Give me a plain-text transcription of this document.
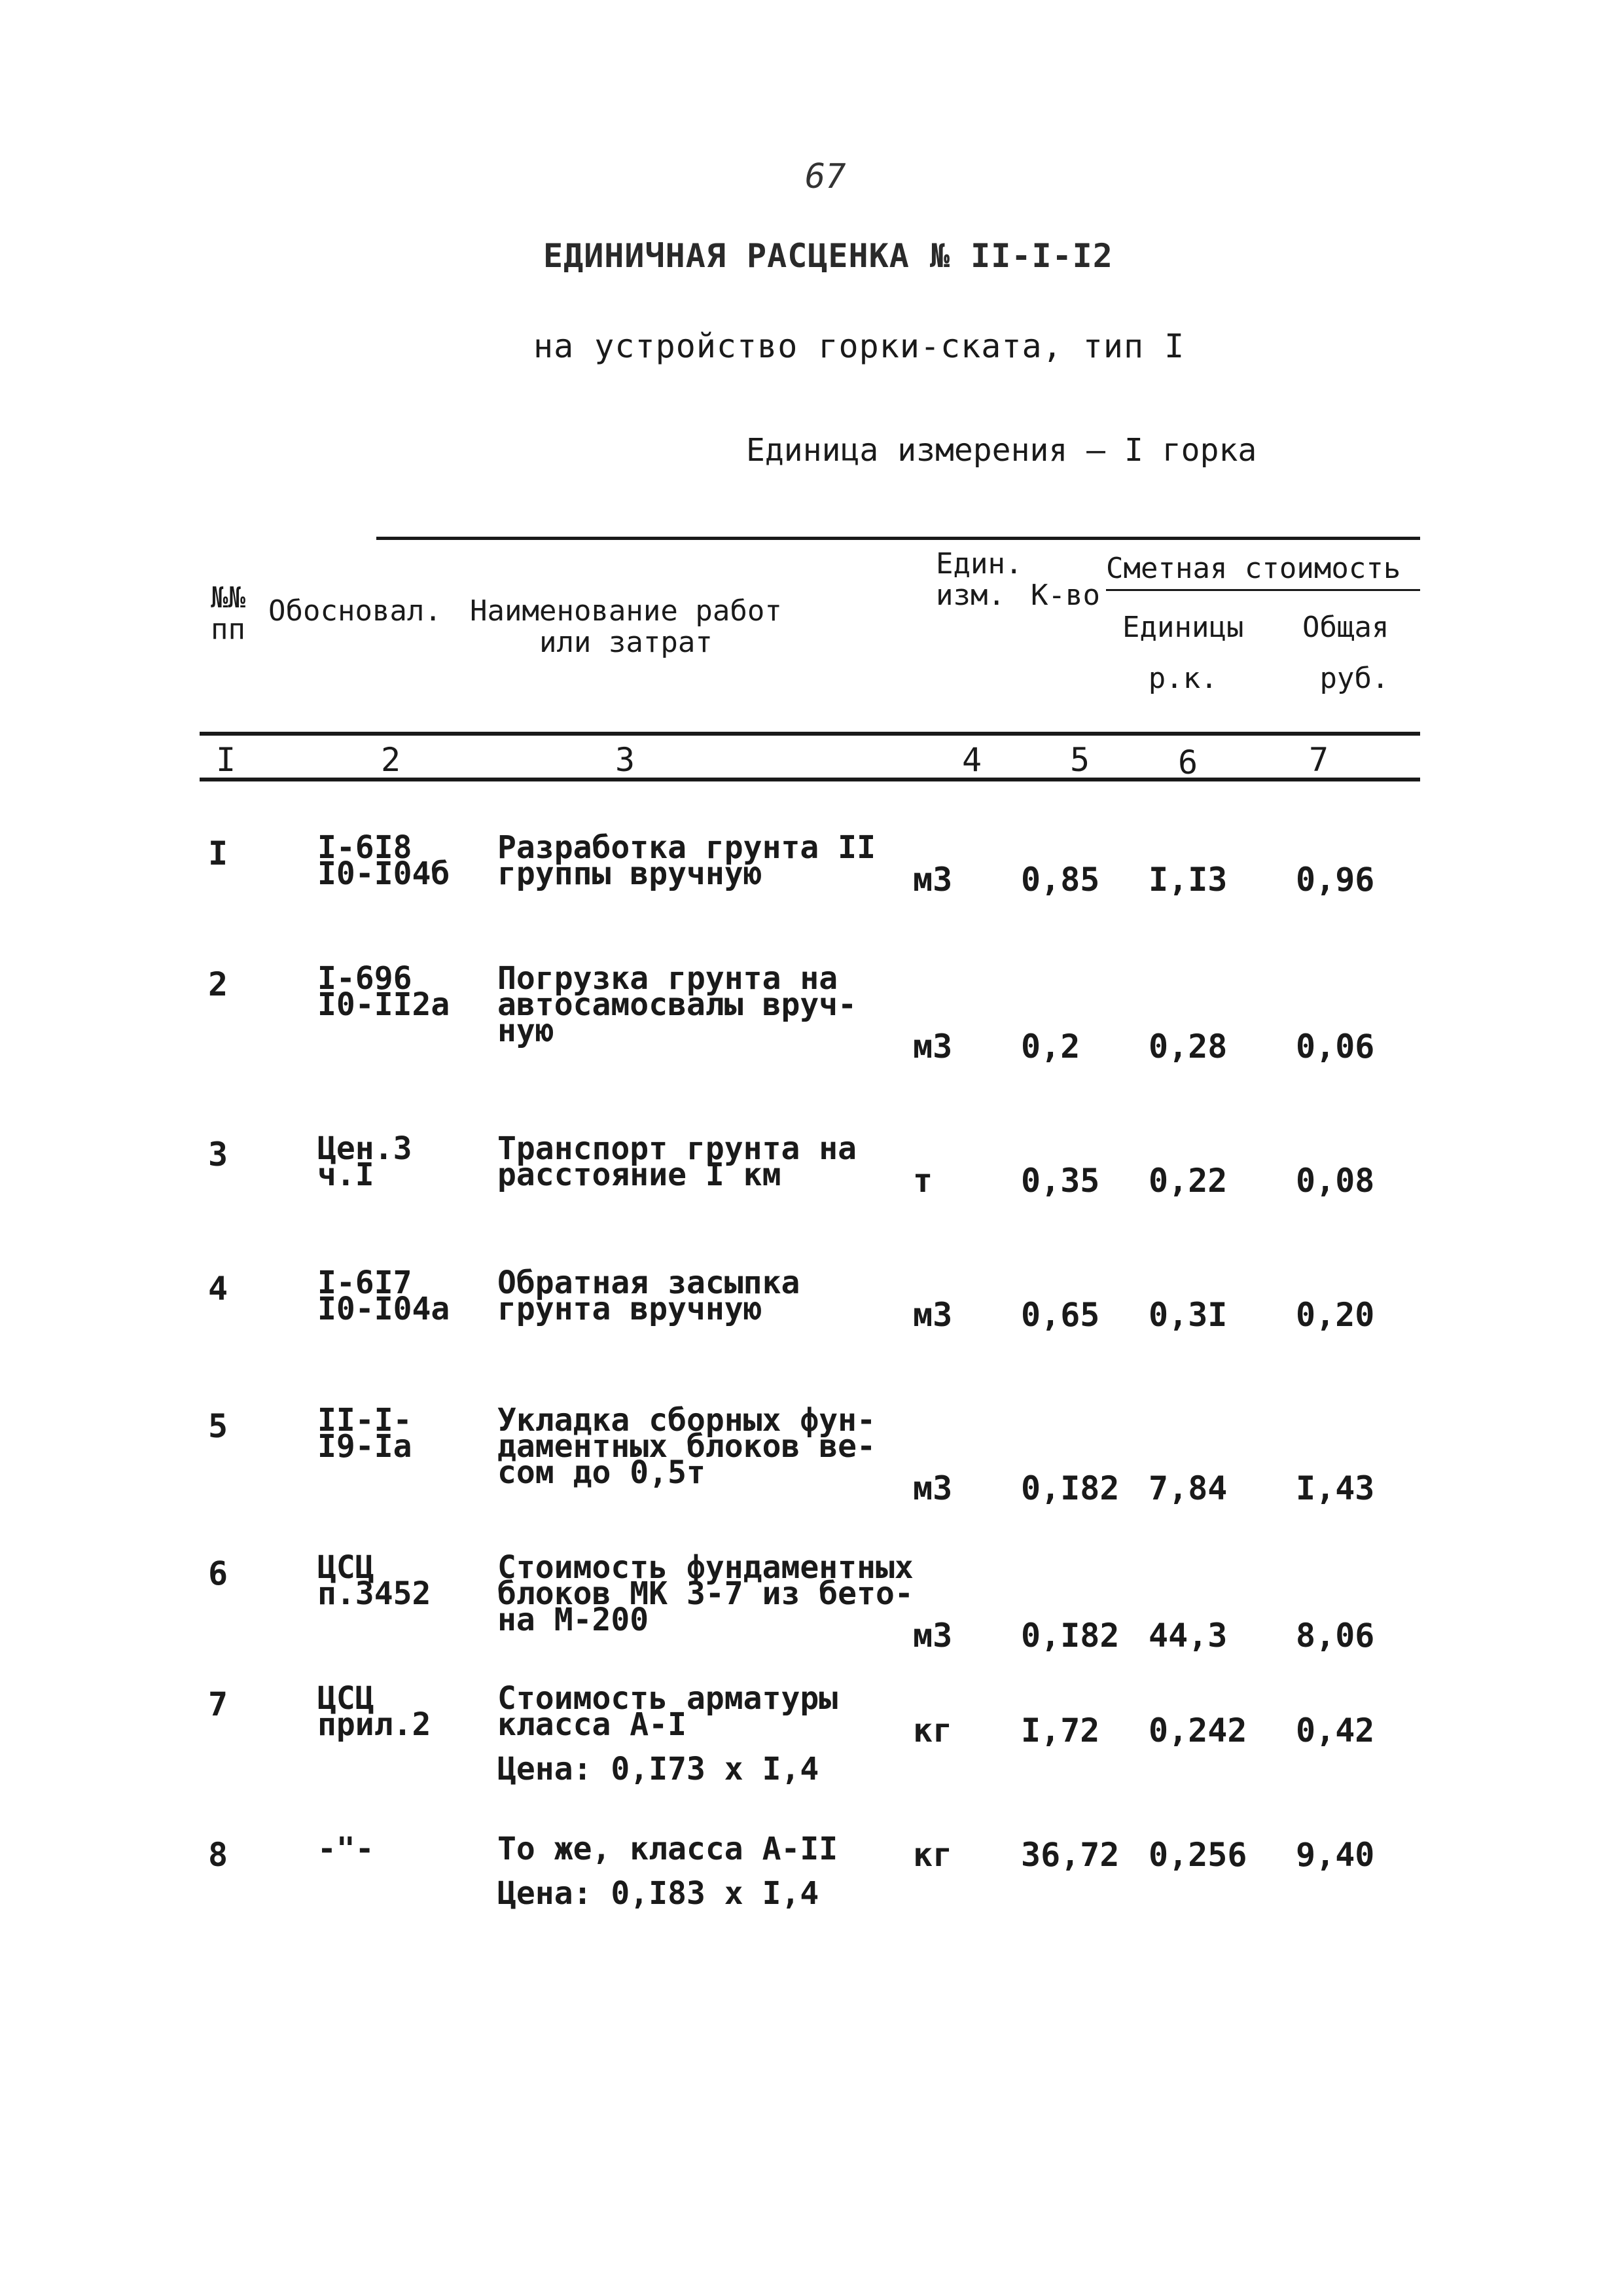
67
ЕДИНИЧНАЯ РАСЦЕНКА № II-I-I2
на устройство горки-ската, тип I
Единица измерения – I горка
№№
пп
Обосновал. Наименование работ
или затрат
Един.
изм. К-во
Сметная стоимость
Единицы
р.к.
Общая
руб.
I	2	3	4	5	6	7
I	I-6I8
I0-I04б
Разработка грунта II
группы вручную	м3 0,85 I,I3 0,96
2	I-696
I0-II2а
Погрузка грунта на
автосамосвалы вруч-
ную	м3 0,2 0,28 0,06
3	Цен.3
ч.I
Транспорт грунта на
расстояние I км	т	0,35 0,22 0,08
4	I-6I7
I0-I04а
Обратная засыпка
грунта вручную	м3 0,65 0,3I 0,20
5	II-I-
I9-Iа
Укладка сборных фун-
даментных блоков ве-
сом до 0,5т	м3 0,I82 7,84 I,43
6	ЦСЦ
п.3452
Стоимость фундаментных
блоков МК 3-7 из бето-
на М-200	м3 0,I82 44,3 8,06
7	ЦСЦ
прил.2
Стоимость арматуры
класса А-I
Цена: 0,I73 х I,4
кг I,72 0,242 0,42
8	-"-	То же, класса А-II
Цена: 0,I83 х I,4
кг 36,72 0,256 9,40
